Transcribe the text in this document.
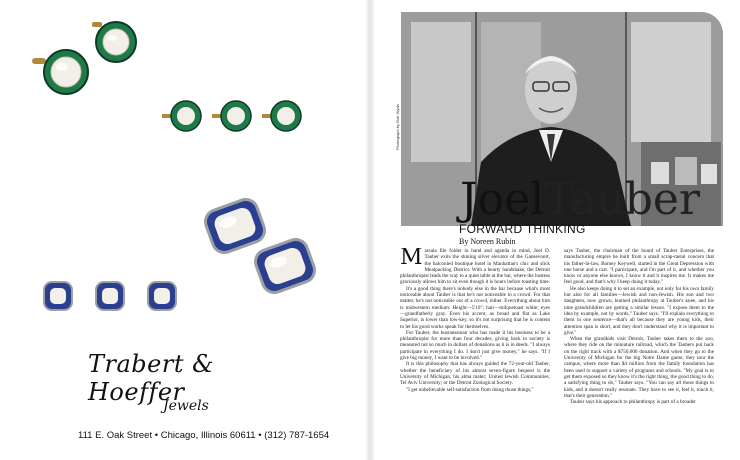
Trabert & Hoeffer
Jewels
111 E. Oak Street • Chicago, Illinois 60611 • (312) 787-1654
Photograph by Rob Wyda
JoelTauber
FORWARD THINKING
By Noreen Rubin
M arsala file folder in hand and agenda in mind, Joel D. Tauber exits the shining silver elevator of the Gansevoort, the balconied boutique hotel in Manhattan's chic and slick Meatpacking District. With a hearty handshake, the Detroit philanthropist leads the way to a quiet table at the bar, where the hostess graciously allows him to sit even though it is hours before toasting time.

It's a good thing there's nobody else in the bar because what's most noticeable about Tauber is that he's not noticeable in a crowd. For that matter, he's not noticeable out of a crowd, either. Everything about him is midwestern medium: Height—5'10"; hair—milquetoast white; eyes—grandfatherly gray. Even his accent, as broad and flat as Lake Superior, is lower than low-key, so it's not surprising that he is content to let his good works speak for themselves.

For Tauber, the businessman who has made it his business to be a philanthropist for more than four decades, giving back to society is measured not so much in dollars of donations as it is in deeds. "I always participate in everything I do. I don't just give money," he says. "If I give big money, I want to be involved."

It is this philosophy that has always guided the 72-year-old Tauber, whether the beneficiary of his almost seven-figure bequest is the University of Michigan, his alma mater; United Jewish Communities; Tel Aviv University; or the Detroit Zoological Society.

"I get unbelievable self-satisfaction from doing those things,"

says Tauber, the chairman of the board of Tauber Enterprises, the manufacturing empire he built from a small scrap-metal concern that his father-in-law, Barney Keywell, started in the Great Depression with one horse and a cart. "I participate, and I'm part of it, and whether you know or anyone else knows, I know it and it inspires me. It makes me feel good, and that's why I keep doing it today."

He also keeps doing it to set an example, not only for his own family but also for all families—Jewish and non-Jewish. His son and two daughters, now grown, learned philanthropy at Tauber's knee, and his nine grandchildren are getting a similar lesson. "I expose them to the idea by example, not by words," Tauber says. "I'll explain everything to them in one sentence—that's all because they are young kids, their attention span is short, and they don't understand why it is important to give."

When the grandkids visit Detroit, Tauber takes them to the zoo, where they ride on the miniature railroad, which the Taubers put back on the right track with a $750,000 donation. And when they go to the University of Michigan for the big Notre Dame game, they tour the campus, where more than $4 million from the family foundation has been used to support a variety of programs and schools. "My goal is to get them exposed so they know it's the right thing, the good thing to do, a satisfying thing to do," Tauber says. "You can say all those things to kids, and it doesn't really resonate. They have to see it, feel it, touch it, that's their generation."

Tauber says his approach to philanthropy is part of a broader
